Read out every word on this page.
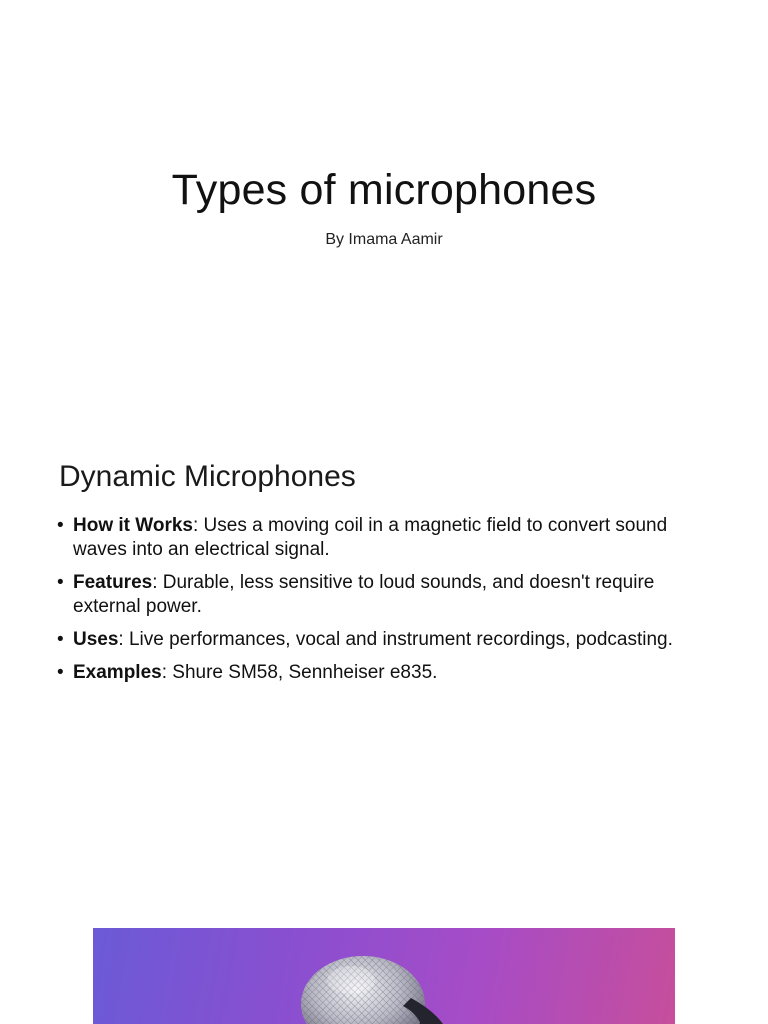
Types of microphones
By Imama Aamir
Dynamic Microphones
• How it Works: Uses a moving coil in a magnetic field to convert sound waves into an electrical signal.
• Features: Durable, less sensitive to loud sounds, and doesn't require external power.
• Uses: Live performances, vocal and instrument recordings, podcasting.
• Examples: Shure SM58, Sennheiser e835.
